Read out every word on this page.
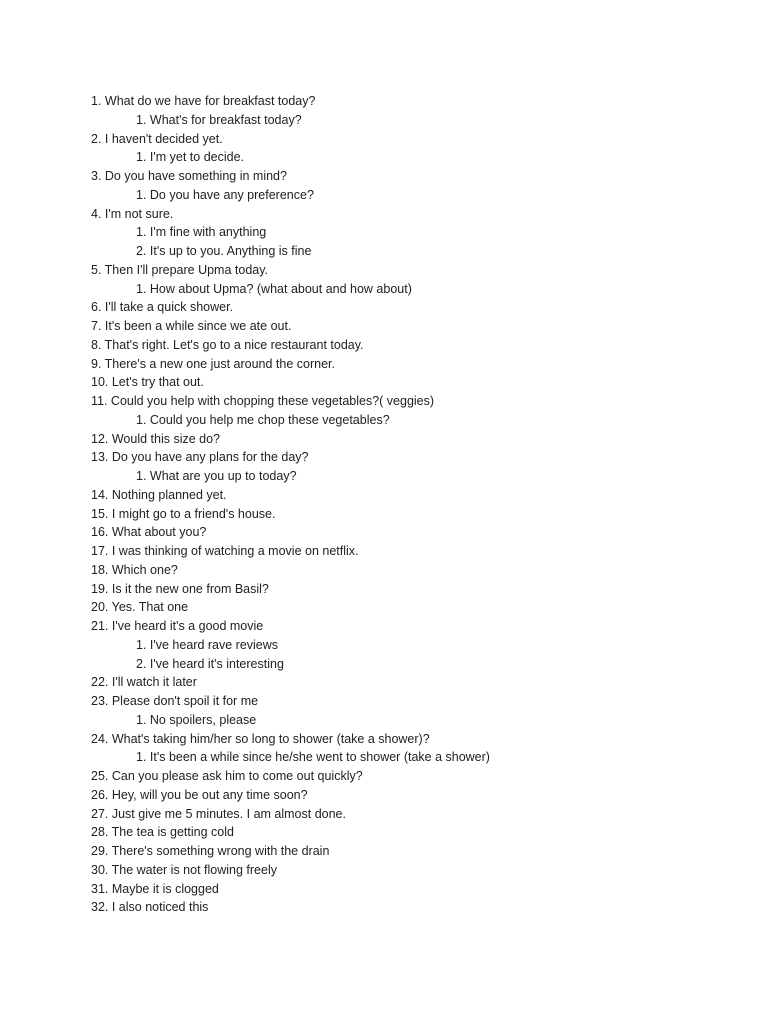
1. What do we have for breakfast today?
1. What's for breakfast today?
2. I haven't decided yet.
1. I'm yet to decide.
3. Do you have something in mind?
1. Do you have any preference?
4. I'm not sure.
1. I'm fine with anything
2. It's up to you. Anything is fine
5. Then I'll prepare Upma today.
1. How about Upma? (what about and how about)
6. I'll take a quick shower.
7. It's been a while since we ate out.
8. That's right. Let's go to a nice restaurant today.
9. There's a new one just around the corner.
10. Let's try that out.
11. Could you help with chopping these vegetables?( veggies)
1. Could you help me chop these vegetables?
12. Would this size do?
13. Do you have any plans for the day?
1. What are you up to today?
14. Nothing planned yet.
15. I might go to a friend's house.
16. What about you?
17. I was thinking of watching a movie on netflix.
18. Which one?
19. Is it the new one from Basil?
20. Yes. That one
21. I've heard it's a good movie
1. I've heard rave reviews
2. I've heard it's interesting
22. I'll watch it later
23. Please don't spoil it for me
1. No spoilers, please
24. What's taking him/her so long to shower (take a shower)?
1. It's been a while since he/she went to shower (take a shower)
25. Can you please ask him to come out quickly?
26. Hey, will you be out any time soon?
27. Just give me 5 minutes. I am almost done.
28. The tea is getting cold
29. There's something wrong with the drain
30. The water is not flowing freely
31. Maybe it is clogged
32. I also noticed this
